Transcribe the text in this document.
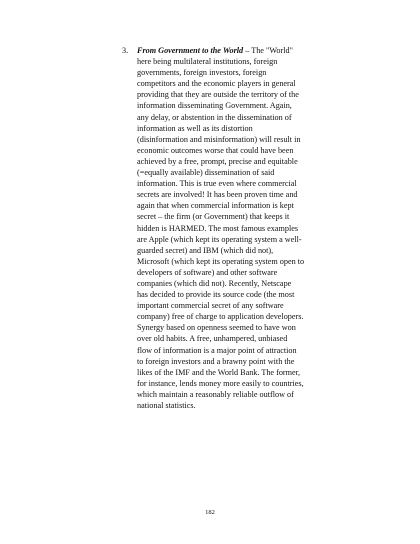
3. From Government to the World – The "World"
here being multilateral institutions, foreign
governments, foreign investors, foreign
competitors and the economic players in general
providing that they are outside the territory of the
information disseminating Government. Again,
any delay, or abstention in the dissemination of
information as well as its distortion
(disinformation and misinformation) will result in
economic outcomes worse that could have been
achieved by a free, prompt, precise and equitable
(=equally available) dissemination of said
information. This is true even where commercial
secrets are involved! It has been proven time and
again that when commercial information is kept
secret – the firm (or Government) that keeps it
hidden is HARMED. The most famous examples
are Apple (which kept its operating system a well-
guarded secret) and IBM (which did not),
Microsoft (which kept its operating system open to
developers of software) and other software
companies (which did not). Recently, Netscape
has decided to provide its source code (the most
important commercial secret of any software
company) free of charge to application developers.
Synergy based on openness seemed to have won
over old habits. A free, unhampered, unbiased
flow of information is a major point of attraction
to foreign investors and a brawny point with the
likes of the IMF and the World Bank. The former,
for instance, lends money more easily to countries,
which maintain a reasonably reliable outflow of
national statistics.
182
